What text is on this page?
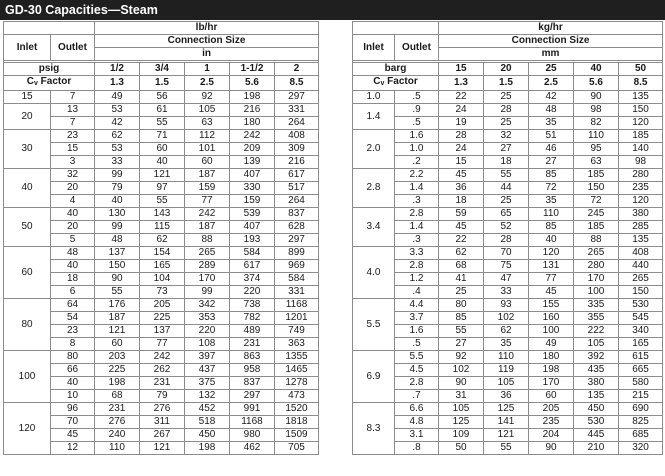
GD-30 Capacities—Steam
		lb/hr				
Inlet	Outlet	Connection Size				
		in				

psig		1/2	3/4	1	1-1/2	2
Cv Factor		1.3	1.5	2.5	5.6	8.5
15	7	49	56	92	198	297
20	13	53	61	105	216	331
	7	42	55	63	180	264
30	23	62	71	112	242	408
	15	53	60	101	209	309
	3	33	40	60	139	216
40	32	99	121	187	407	617
	20	79	97	159	330	517
	4	40	55	77	159	264
50	40	130	143	242	539	837
	20	99	115	187	407	628
	5	48	62	88	193	297
60	48	137	154	265	584	899
	40	150	165	289	617	969
	18	90	104	170	374	584
	6	55	73	99	220	331
80	64	176	205	342	738	1168
	54	187	225	353	782	1201
	23	121	137	220	489	749
	8	60	77	108	231	363
100	80	203	242	397	863	1355
	66	225	262	437	958	1465
	40	198	231	375	837	1278
	10	68	79	132	297	473
120	96	231	276	452	991	1520
	70	276	311	518	1168	1818
	45	240	267	450	980	1509
	12	110	121	198	462	705
		kg/hr				
Inlet	Outlet	Connection Size				
		mm				

barg		15	20	25	40	50
Cv Factor		1.3	1.5	2.5	5.6	8.5
1.0	.5	22	25	42	90	135
1.4	.9	24	28	48	98	150
	.5	19	25	35	82	120
2.0	1.6	28	32	51	110	185
	1.0	24	27	46	95	140
	.2	15	18	27	63	98
2.8	2.2	45	55	85	185	280
	1.4	36	44	72	150	235
	.3	18	25	35	72	120
3.4	2.8	59	65	110	245	380
	1.4	45	52	85	185	285
	.3	22	28	40	88	135
4.0	3.3	62	70	120	265	408
	2.8	68	75	131	280	440
	1.2	41	47	77	170	265
	.4	25	33	45	100	150
5.5	4.4	80	93	155	335	530
	3.7	85	102	160	355	545
	1.6	55	62	100	222	340
	.5	27	35	49	105	165
6.9	5.5	92	110	180	392	615
	4.5	102	119	198	435	665
	2.8	90	105	170	380	580
	.7	31	36	60	135	215
8.3	6.6	105	125	205	450	690
	4.8	125	141	235	530	825
	3.1	109	121	204	445	685
	.8	50	55	90	210	320
